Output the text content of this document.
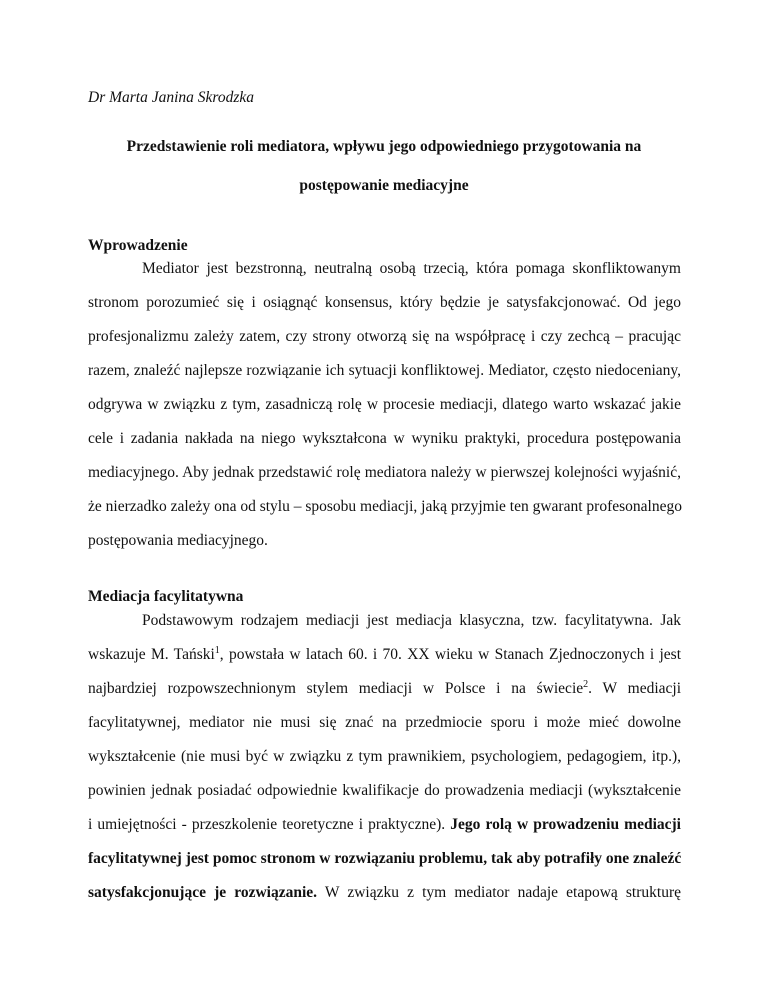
Dr Marta Janina Skrodzka
Przedstawienie roli mediatora, wpływu jego odpowiedniego przygotowania na
postępowanie mediacyjne
Wprowadzenie
Mediator jest bezstronną, neutralną osobą trzecią, która pomaga skonfliktowanym
stronom porozumieć się i osiągnąć konsensus, który będzie je satysfakcjonować. Od jego
profesjonalizmu zależy zatem, czy strony otworzą się na współpracę i czy zechcą – pracując
razem, znaleźć najlepsze rozwiązanie ich sytuacji konfliktowej. Mediator, często niedoceniany,
odgrywa w związku z tym, zasadniczą rolę w procesie mediacji, dlatego warto wskazać jakie
cele i zadania nakłada na niego wykształcona w wyniku praktyki, procedura postępowania
mediacyjnego. Aby jednak przedstawić rolę mediatora należy w pierwszej kolejności wyjaśnić,
że nierzadko zależy ona od stylu – sposobu mediacji, jaką przyjmie ten gwarant profesonalnego
postępowania mediacyjnego.
Mediacja facylitatywna
Podstawowym rodzajem mediacji jest mediacja klasyczna, tzw. facylitatywna. Jak
wskazuje M. Tański$^1$, powstała w latach 60. i 70. XX wieku w Stanach Zjednoczonych i jest
najbardziej rozpowszechnionym stylem mediacji w Polsce i na świecie$^2$. W mediacji
facylitatywnej, mediator nie musi się znać na przedmiocie sporu i może mieć dowolne
wykształcenie (nie musi być w związku z tym prawnikiem, psychologiem, pedagogiem, itp.),
powinien jednak posiadać odpowiednie kwalifikacje do prowadzenia mediacji (wykształcenie
i umiejętności - przeszkolenie teoretyczne i praktyczne). Jego rolą w prowadzeniu mediacji
facylitatywnej jest pomoc stronom w rozwiązaniu problemu, tak aby potrafiły one znaleźć
satysfakcjonujące je rozwiązanie. W związku z tym mediator nadaje etapową strukturę
